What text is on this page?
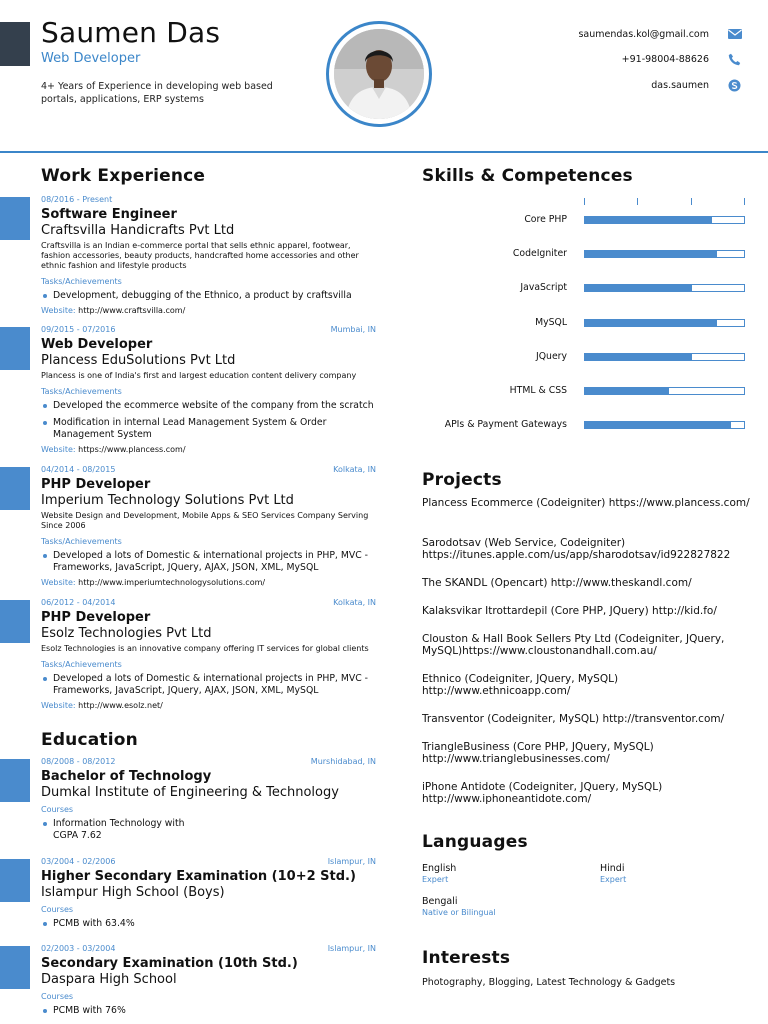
Saumen Das
Web Developer
4+ Years of Experience in developing web based portals, applications, ERP systems
saumendas.kol@gmail.com
+91-98004-88626
das.saumen
Work Experience
08/2016 - Present
Software Engineer
Craftsvilla Handicrafts Pvt Ltd
Craftsvilla is an Indian e-commerce portal that sells ethnic apparel, footwear, fashion accessories, beauty products, handcrafted home accessories and other ethnic fashion and lifestyle products
Tasks/Achievements
Development, debugging of the Ethnico, a product by craftsvilla
Website: http://www.craftsvilla.com/
09/2015 - 07/2016	Mumbai, IN
Web Developer
Plancess EduSolutions Pvt Ltd
Plancess is one of India's first and largest education content delivery company
Tasks/Achievements
Developed the ecommerce website of the company from the scratch
Modification in internal Lead Management System & Order Management System
Website: https://www.plancess.com/
04/2014 - 08/2015	Kolkata, IN
PHP Developer
Imperium Technology Solutions Pvt Ltd
Website Design and Development, Mobile Apps & SEO Services Company Serving Since 2006
Tasks/Achievements
Developed a lots of Domestic & international projects in PHP, MVC - Frameworks, JavaScript, JQuery, AJAX, JSON, XML, MySQL
Website: http://www.imperiumtechnologysolutions.com/
06/2012 - 04/2014	Kolkata, IN
PHP Developer
Esolz Technologies Pvt Ltd
Esolz Technologies is an innovative company offering IT services for global clients
Tasks/Achievements
Developed a lots of Domestic & international projects in PHP, MVC - Frameworks, JavaScript, JQuery, AJAX, JSON, XML, MySQL
Website: http://www.esolz.net/
Education
08/2008 - 08/2012	Murshidabad, IN
Bachelor of Technology
Dumkal Institute of Engineering & Technology
Courses
Information Technology with CGPA 7.62
03/2004 - 02/2006	Islampur, IN
Higher Secondary Examination (10+2 Std.)
Islampur High School (Boys)
Courses
PCMB with 63.4%
02/2003 - 03/2004	Islampur, IN
Secondary Examination (10th Std.)
Daspara High School
Courses
PCMB with 76%
Skills & Competences
Core PHP
CodeIgniter
JavaScript
MySQL
JQuery
HTML & CSS
APIs & Payment Gateways
Projects
Plancess Ecommerce (Codeigniter) https://www.plancess.com/
Sarodotsav (Web Service, Codeigniter) https://itunes.apple.com/us/app/sharodotsav/id922827822
The SKANDL (Opencart) http://www.theskandl.com/
Kalaksvikar Itrottardepil (Core PHP, JQuery) http://kid.fo/
Clouston & Hall Book Sellers Pty Ltd (Codeigniter, JQuery, MySQL)https://www.cloustonandhall.com.au/
Ethnico (Codeigniter, JQuery, MySQL) http://www.ethnicoapp.com/
Transventor (Codeigniter, MySQL) http://transventor.com/
TriangleBusiness (Core PHP, JQuery, MySQL) http://www.trianglebusinesses.com/
iPhone Antidote (Codeigniter, JQuery, MySQL) http://www.iphoneantidote.com/
Languages
English
Expert
Hindi
Expert
Bengali
Native or Bilingual
Interests
Photography, Blogging, Latest Technology & Gadgets
